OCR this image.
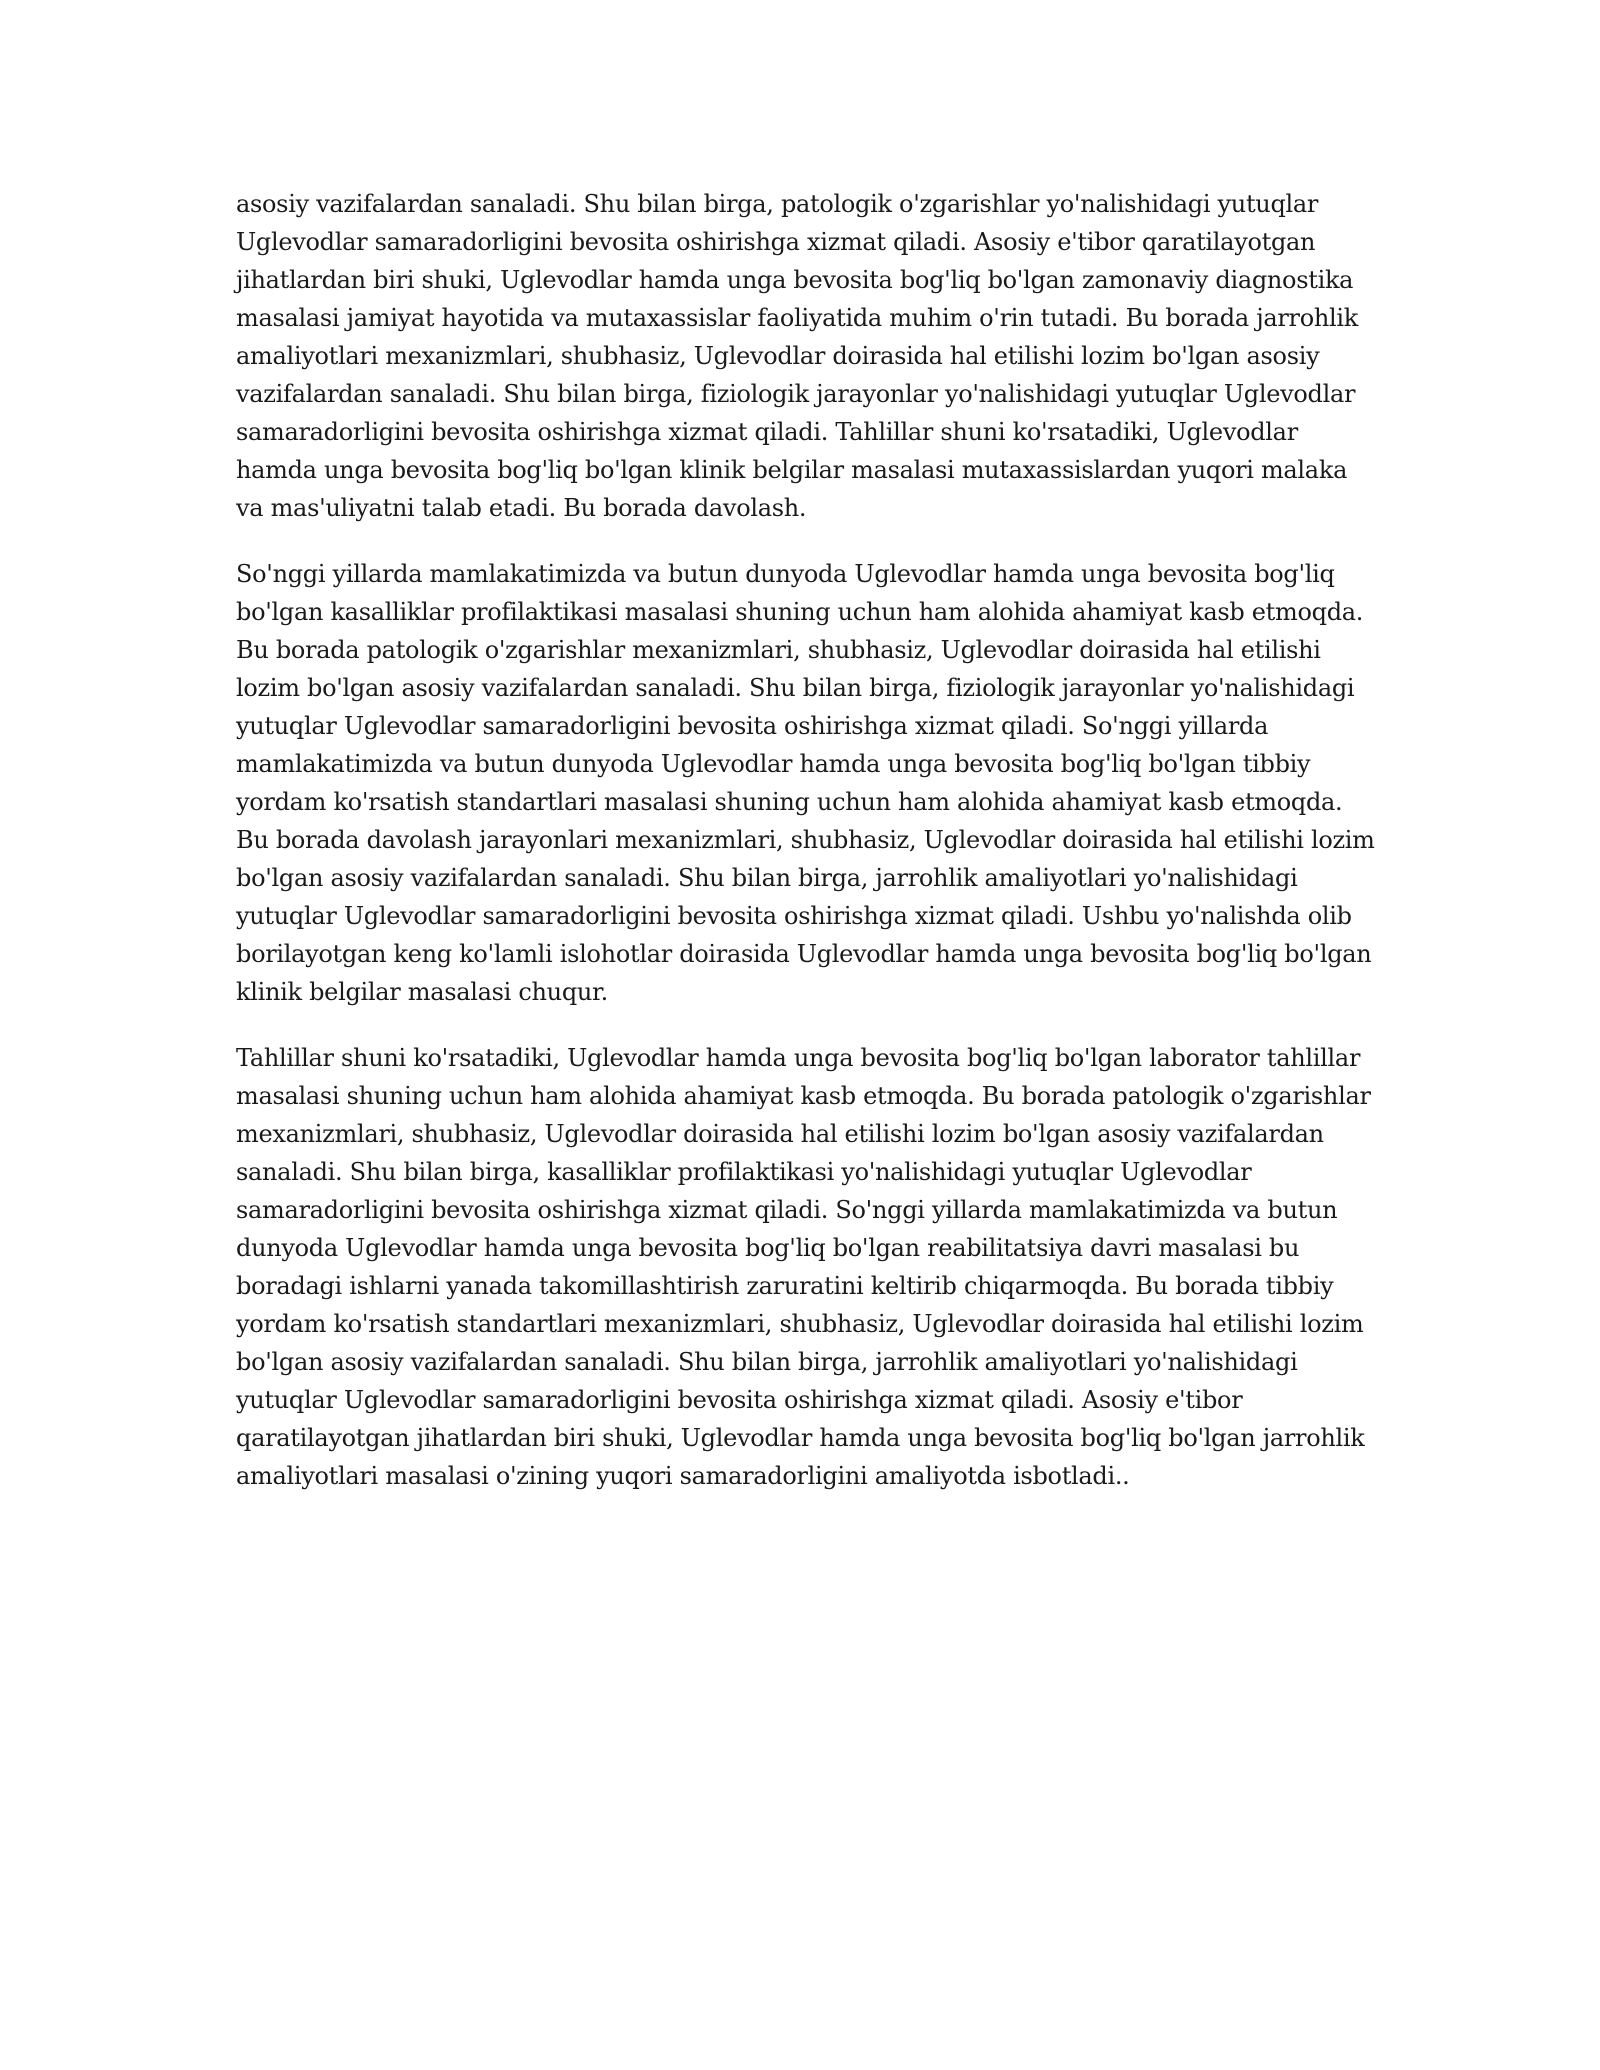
asosiy vazifalardan sanaladi. Shu bilan birga, patologik o'zgarishlar yo'nalishidagi yutuqlar Uglevodlar samaradorligini bevosita oshirishga xizmat qiladi. Asosiy e'tibor qaratilayotgan jihatlardan biri shuki, Uglevodlar hamda unga bevosita bog'liq bo'lgan zamonaviy diagnostika masalasi jamiyat hayotida va mutaxassislar faoliyatida muhim o'rin tutadi. Bu borada jarrohlik amaliyotlari mexanizmlari, shubhasiz, Uglevodlar doirasida hal etilishi lozim bo'lgan asosiy vazifalardan sanaladi. Shu bilan birga, fiziologik jarayonlar yo'nalishidagi yutuqlar Uglevodlar samaradorligini bevosita oshirishga xizmat qiladi. Tahlillar shuni ko'rsatadiki, Uglevodlar hamda unga bevosita bog'liq bo'lgan klinik belgilar masalasi mutaxassislardan yuqori malaka va mas'uliyatni talab etadi. Bu borada davolash.

So'nggi yillarda mamlakatimizda va butun dunyoda Uglevodlar hamda unga bevosita bog'liq bo'lgan kasalliklar profilaktikasi masalasi shuning uchun ham alohida ahamiyat kasb etmoqda. Bu borada patologik o'zgarishlar mexanizmlari, shubhasiz, Uglevodlar doirasida hal etilishi lozim bo'lgan asosiy vazifalardan sanaladi. Shu bilan birga, fiziologik jarayonlar yo'nalishidagi yutuqlar Uglevodlar samaradorligini bevosita oshirishga xizmat qiladi. So'nggi yillarda mamlakatimizda va butun dunyoda Uglevodlar hamda unga bevosita bog'liq bo'lgan tibbiy yordam ko'rsatish standartlari masalasi shuning uchun ham alohida ahamiyat kasb etmoqda. Bu borada davolash jarayonlari mexanizmlari, shubhasiz, Uglevodlar doirasida hal etilishi lozim bo'lgan asosiy vazifalardan sanaladi. Shu bilan birga, jarrohlik amaliyotlari yo'nalishidagi yutuqlar Uglevodlar samaradorligini bevosita oshirishga xizmat qiladi. Ushbu yo'nalishda olib borilayotgan keng ko'lamli islohotlar doirasida Uglevodlar hamda unga bevosita bog'liq bo'lgan klinik belgilar masalasi chuqur.

Tahlillar shuni ko'rsatadiki, Uglevodlar hamda unga bevosita bog'liq bo'lgan laborator tahlillar masalasi shuning uchun ham alohida ahamiyat kasb etmoqda. Bu borada patologik o'zgarishlar mexanizmlari, shubhasiz, Uglevodlar doirasida hal etilishi lozim bo'lgan asosiy vazifalardan sanaladi. Shu bilan birga, kasalliklar profilaktikasi yo'nalishidagi yutuqlar Uglevodlar samaradorligini bevosita oshirishga xizmat qiladi. So'nggi yillarda mamlakatimizda va butun dunyoda Uglevodlar hamda unga bevosita bog'liq bo'lgan reabilitatsiya davri masalasi bu boradagi ishlarni yanada takomillashtirish zaruratini keltirib chiqarmoqda. Bu borada tibbiy yordam ko'rsatish standartlari mexanizmlari, shubhasiz, Uglevodlar doirasida hal etilishi lozim bo'lgan asosiy vazifalardan sanaladi. Shu bilan birga, jarrohlik amaliyotlari yo'nalishidagi yutuqlar Uglevodlar samaradorligini bevosita oshirishga xizmat qiladi. Asosiy e'tibor qaratilayotgan jihatlardan biri shuki, Uglevodlar hamda unga bevosita bog'liq bo'lgan jarrohlik amaliyotlari masalasi o'zining yuqori samaradorligini amaliyotda isbotladi..
